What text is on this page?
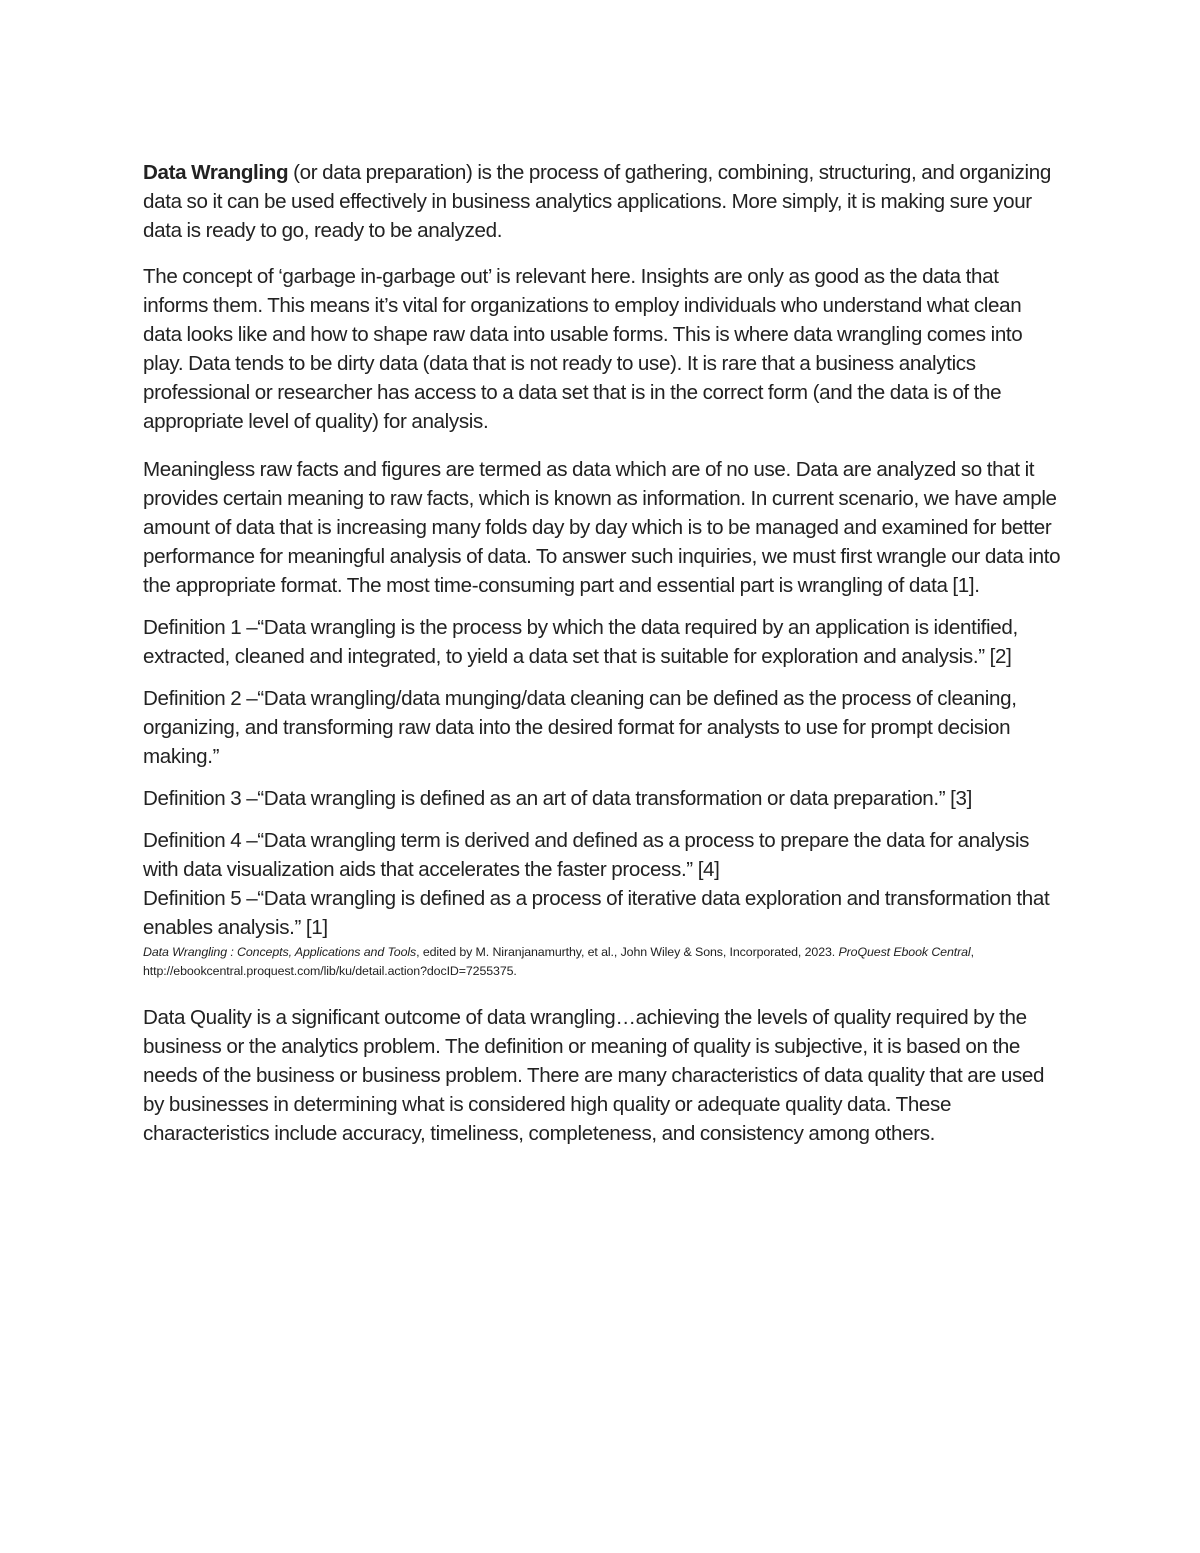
Data Wrangling (or data preparation) is the process of gathering, combining, structuring, and organizing data so it can be used effectively in business analytics applications. More simply, it is making sure your data is ready to go, ready to be analyzed.

The concept of ‘garbage in-garbage out’ is relevant here. Insights are only as good as the data that informs them. This means it’s vital for organizations to employ individuals who understand what clean data looks like and how to shape raw data into usable forms. This is where data wrangling comes into play. Data tends to be dirty data (data that is not ready to use). It is rare that a business analytics professional or researcher has access to a data set that is in the correct form (and the data is of the appropriate level of quality) for analysis.

Meaningless raw facts and figures are termed as data which are of no use. Data are analyzed so that it provides certain meaning to raw facts, which is known as information. In current scenario, we have ample amount of data that is increasing many folds day by day which is to be managed and examined for better performance for meaningful analysis of data. To answer such inquiries, we must first wrangle our data into the appropriate format. The most time-consuming part and essential part is wrangling of data [1].

Definition 1 –“Data wrangling is the process by which the data required by an application is identified, extracted, cleaned and integrated, to yield a data set that is suitable for exploration and analysis.” [2]

Definition 2 –“Data wrangling/data munging/data cleaning can be defined as the process of cleaning, organizing, and transforming raw data into the desired format for analysts to use for prompt decision making.”

Definition 3 –“Data wrangling is defined as an art of data transformation or data preparation.” [3]

Definition 4 –“Data wrangling term is derived and defined as a process to prepare the data for analysis with data visualization aids that accelerates the faster process.” [4]

Definition 5 –“Data wrangling is defined as a process of iterative data exploration and transformation that enables analysis.” [1]

Data Wrangling : Concepts, Applications and Tools, edited by M. Niranjanamurthy, et al., John Wiley & Sons, Incorporated, 2023. ProQuest Ebook Central, http://ebookcentral.proquest.com/lib/ku/detail.action?docID=7255375.

Data Quality is a significant outcome of data wrangling…achieving the levels of quality required by the business or the analytics problem. The definition or meaning of quality is subjective, it is based on the needs of the business or business problem. There are many characteristics of data quality that are used by businesses in determining what is considered high quality or adequate quality data. These characteristics include accuracy, timeliness, completeness, and consistency among others.
